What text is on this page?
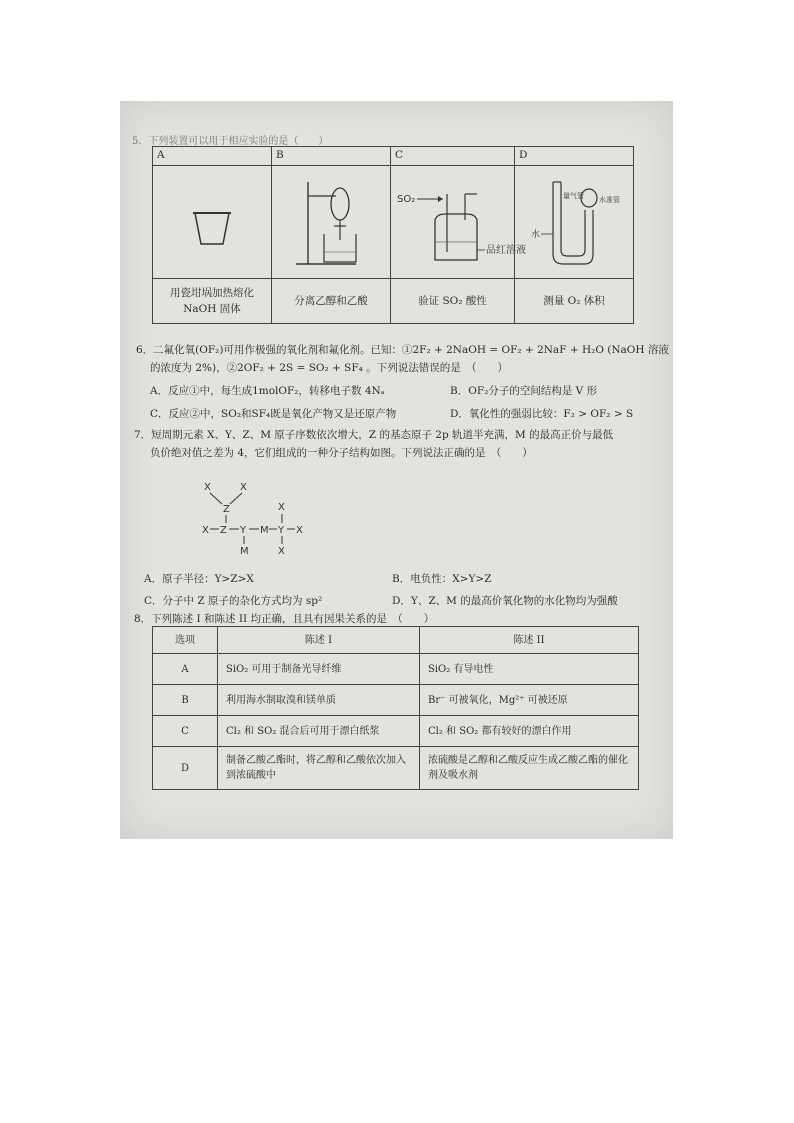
5．下列装置可以用于相应实验的是（　　）
A	B	C	D

SO₂
品红溶液	水
量气管 水准管

用瓷坩埚加热熔化 NaOH 固体	分离乙醇和乙酸	验证 SO₂ 酸性	测量 O₂ 体积
6．二氟化氧(OF₂)可用作极强的氧化剂和氟化剂。已知：①2F₂ + 2NaOH = OF₂ + 2NaF + H₂O (NaOH 溶液
的浓度为 2%)，②2OF₂ + 2S = SO₂ + SF₄ 。下列说法错误的是　（　　）
A．反应①中，每生成1molOF₂，转移电子数 4Nₐ	B．OF₂分子的空间结构是 V 形
C．反应②中，SO₂和SF₄既是氧化产物又是还原产物	D．氧化性的强弱比较：F₂ > OF₂ > S
7．短周期元素 X、Y、Z、M 原子序数依次增大，Z 的基态原子 2p 轨道半充满，M 的最高正价与最低
负价绝对值之差为 4，它们组成的一种分子结构如图。下列说法正确的是　（　　）
X	X
Z	X
X Z Y M Y X
M	X
A．原子半径：Y>Z>X	B．电负性：X>Y>Z
C．分子中 Z 原子的杂化方式均为 sp²	D．Y、Z、M 的最高价氧化物的水化物均为强酸
8．下列陈述 I 和陈述 II 均正确，且具有因果关系的是　（　　）
选项	陈述 I	陈述 II
A	SiO₂ 可用于制备光导纤维	SiO₂ 有导电性
B	利用海水制取溴和镁单质	Br⁻ 可被氧化，Mg²⁺ 可被还原
C	Cl₂ 和 SO₂ 混合后可用于漂白纸浆	Cl₂ 和 SO₂ 都有较好的漂白作用
D	制备乙酸乙酯时，将乙醇和乙酸依次加入到浓硫酸中	浓硫酸是乙醇和乙酸反应生成乙酸乙酯的催化剂及吸水剂
